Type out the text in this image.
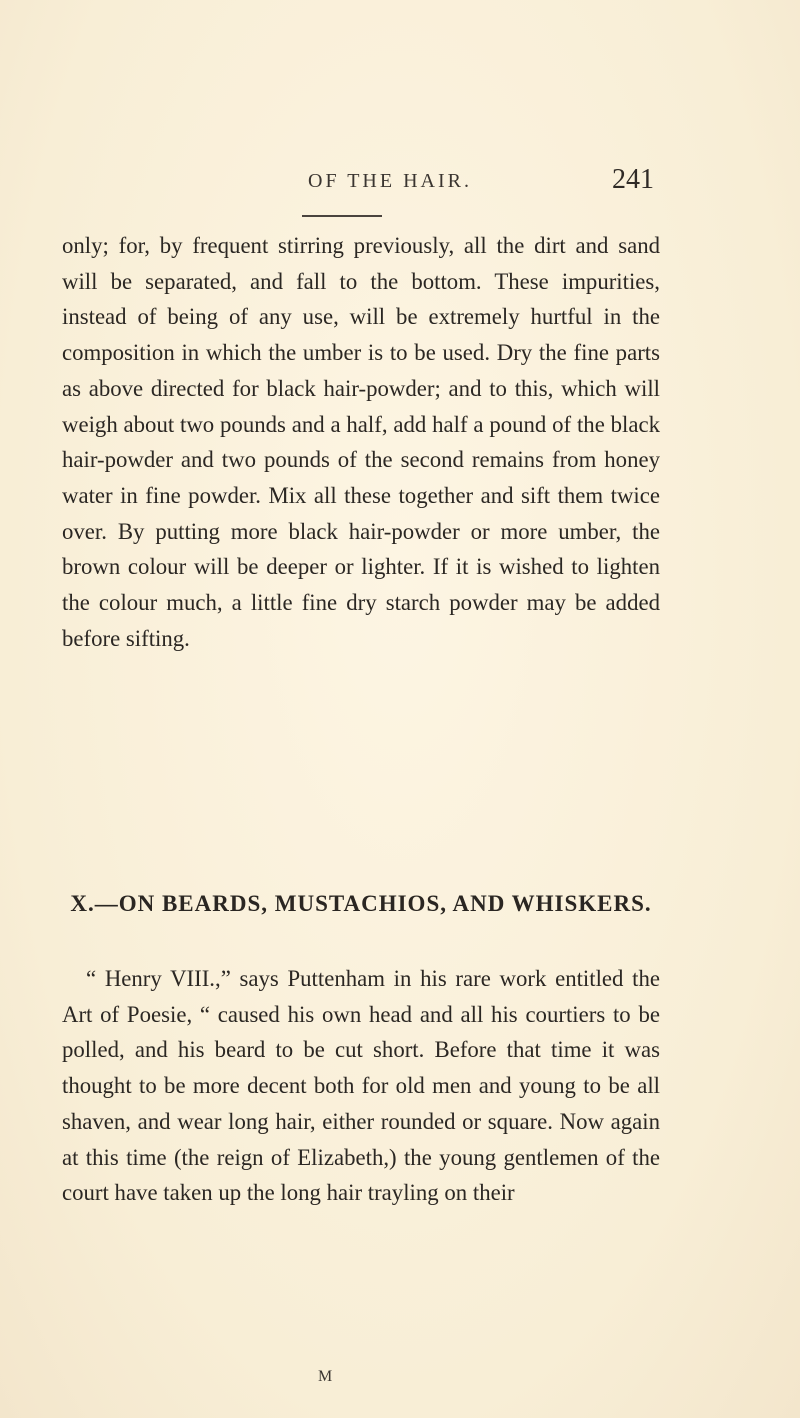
OF THE HAIR.	241

only; for, by frequent stirring previously, all the dirt and sand will be separated, and fall to the bottom. These impurities, instead of being of any use, will be extremely hurtful in the composition in which the umber is to be used. Dry the fine parts as above directed for black hair-powder; and to this, which will weigh about two pounds and a half, add half a pound of the black hair-powder and two pounds of the second remains from honey water in fine powder. Mix all these together and sift them twice over. By putting more black hair-powder or more umber, the brown colour will be deeper or lighter. If it is wished to lighten the colour much, a little fine dry starch powder may be added before sifting.

X.—ON BEARDS, MUSTACHIOS, AND WHISKERS.

“ Henry VIII.,” says Puttenham in his rare work entitled the Art of Poesie, “ caused his own head and all his courtiers to be polled, and his beard to be cut short. Before that time it was thought to be more decent both for old men and young to be all shaven, and wear long hair, either rounded or square. Now again at this time (the reign of Elizabeth,) the young gentlemen of the court have taken up the long hair trayling on their

M
